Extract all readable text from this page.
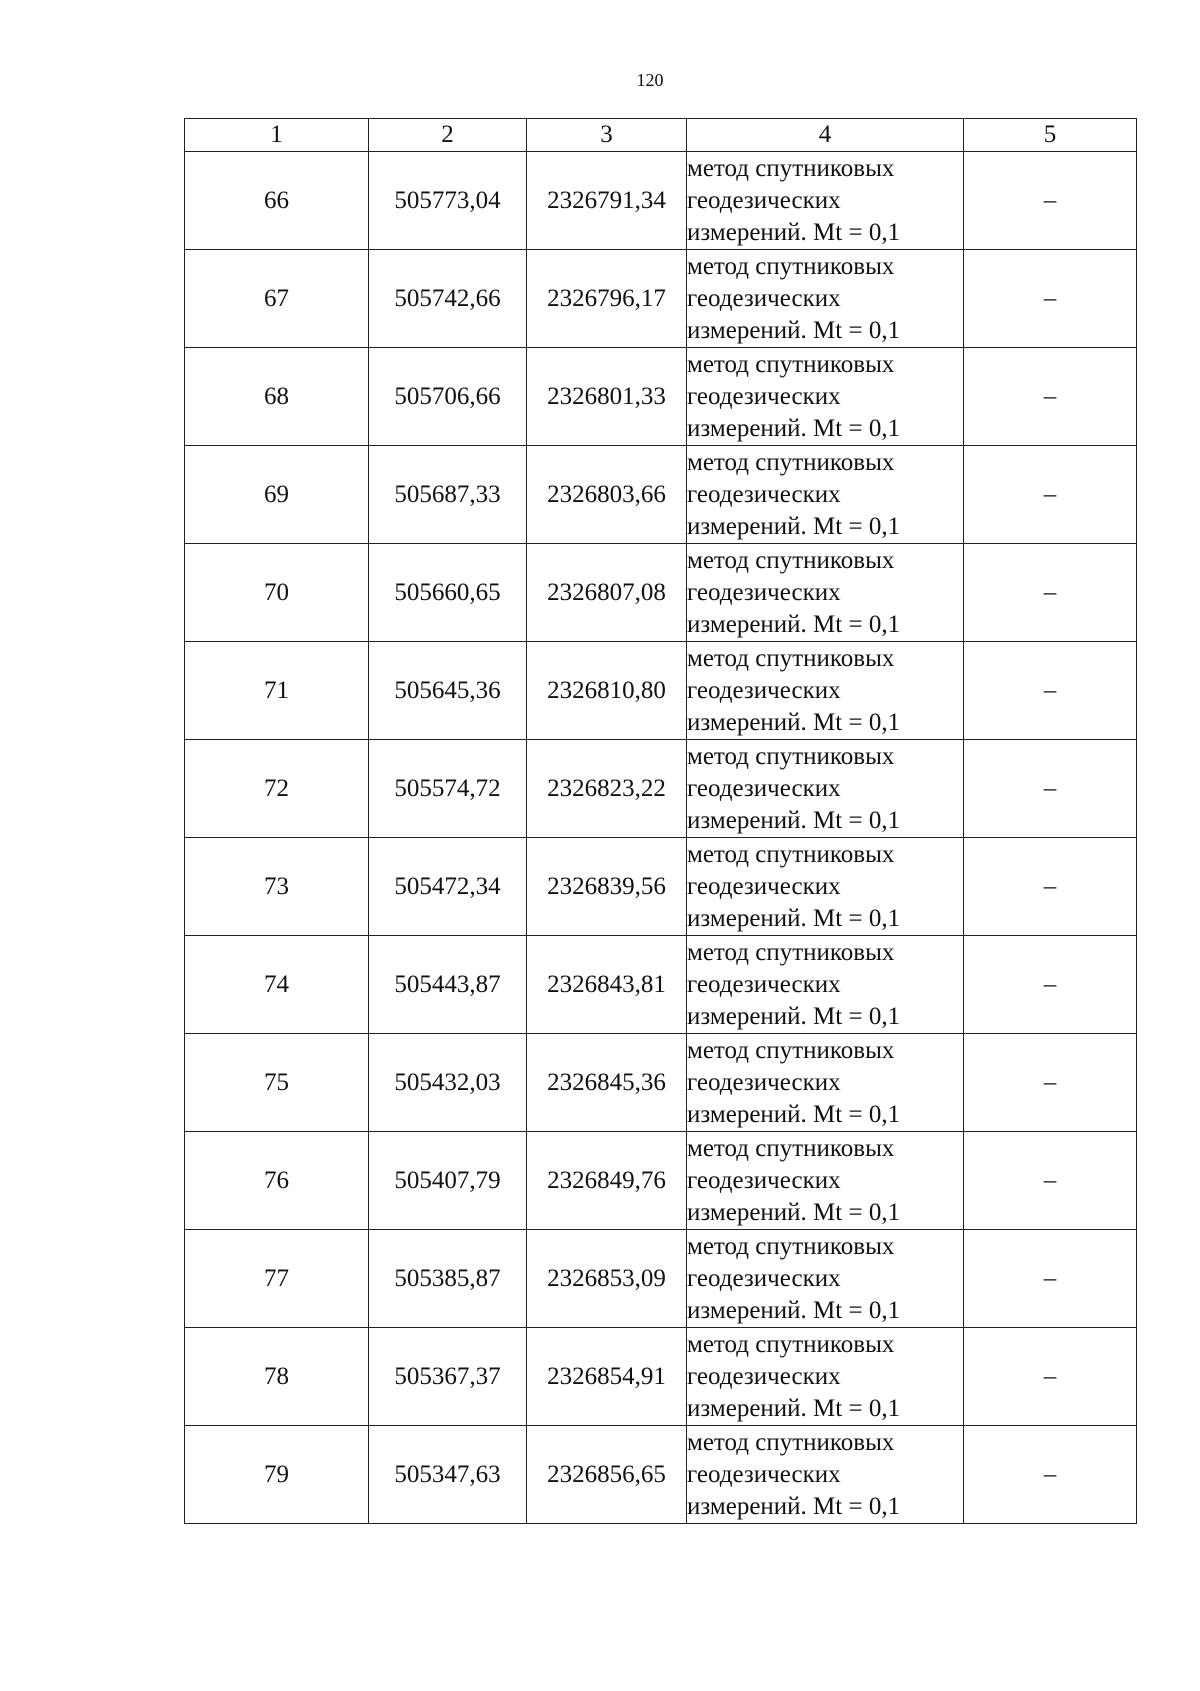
120
1	2	3	4	5
66	505773,04	2326791,34	метод спутниковых
геодезических
измерений. Mt = 0,1	–
67	505742,66	2326796,17	метод спутниковых
геодезических
измерений. Mt = 0,1	–
68	505706,66	2326801,33	метод спутниковых
геодезических
измерений. Mt = 0,1	–
69	505687,33	2326803,66	метод спутниковых
геодезических
измерений. Mt = 0,1	–
70	505660,65	2326807,08	метод спутниковых
геодезических
измерений. Mt = 0,1	–
71	505645,36	2326810,80	метод спутниковых
геодезических
измерений. Mt = 0,1	–
72	505574,72	2326823,22	метод спутниковых
геодезических
измерений. Mt = 0,1	–
73	505472,34	2326839,56	метод спутниковых
геодезических
измерений. Mt = 0,1	–
74	505443,87	2326843,81	метод спутниковых
геодезических
измерений. Mt = 0,1	–
75	505432,03	2326845,36	метод спутниковых
геодезических
измерений. Mt = 0,1	–
76	505407,79	2326849,76	метод спутниковых
геодезических
измерений. Mt = 0,1	–
77	505385,87	2326853,09	метод спутниковых
геодезических
измерений. Mt = 0,1	–
78	505367,37	2326854,91	метод спутниковых
геодезических
измерений. Mt = 0,1	–
79	505347,63	2326856,65	метод спутниковых
геодезических
измерений. Mt = 0,1	–
